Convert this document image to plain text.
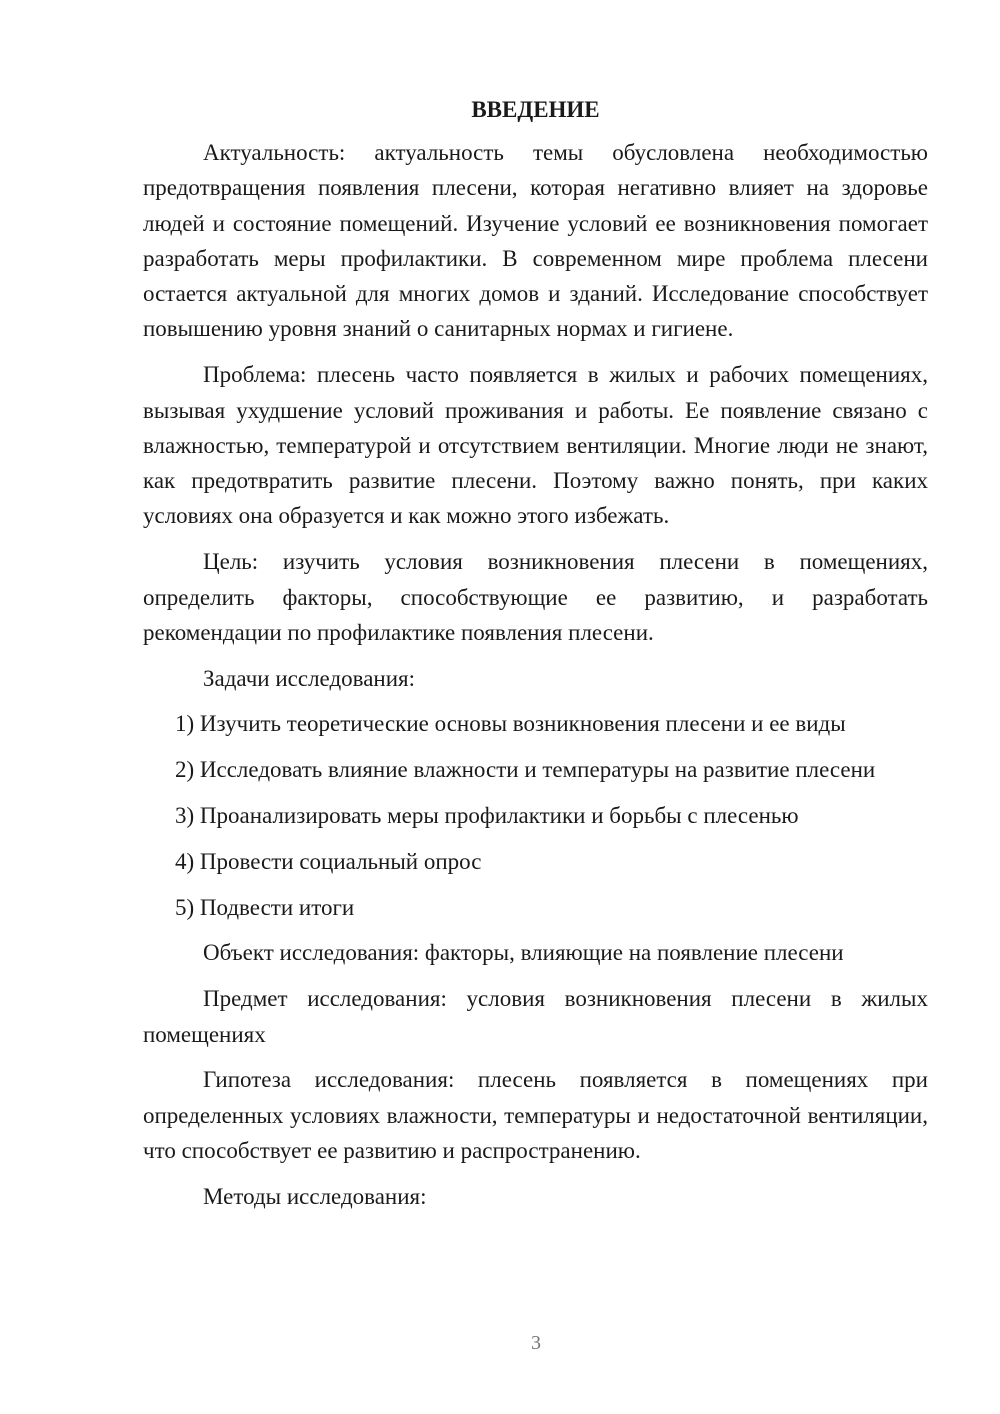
ВВЕДЕНИЕ

Актуальность: актуальность темы обусловлена необходимостью предотвращения появления плесени, которая негативно влияет на здоровье людей и состояние помещений. Изучение условий ее возникновения помогает разработать меры профилактики. В современном мире проблема плесени остается актуальной для многих домов и зданий. Исследование способствует повышению уровня знаний о санитарных нормах и гигиене.

Проблема: плесень часто появляется в жилых и рабочих помещениях, вызывая ухудшение условий проживания и работы. Ее появление связано с влажностью, температурой и отсутствием вентиляции. Многие люди не знают, как предотвратить развитие плесени. Поэтому важно понять, при каких условиях она образуется и как можно этого избежать.

Цель: изучить условия возникновения плесени в помещениях, определить факторы, способствующие ее развитию, и разработать рекомендации по профилактике появления плесени.

Задачи исследования:

1) Изучить теоретические основы возникновения плесени и ее виды
2) Исследовать влияние влажности и температуры на развитие плесени
3) Проанализировать меры профилактики и борьбы с плесенью
4) Провести социальный опрос
5) Подвести итоги

Объект исследования: факторы, влияющие на появление плесени

Предмет исследования: условия возникновения плесени в жилых помещениях

Гипотеза исследования: плесень появляется в помещениях при определенных условиях влажности, температуры и недостаточной вентиляции, что способствует ее развитию и распространению.

Методы исследования:

3
